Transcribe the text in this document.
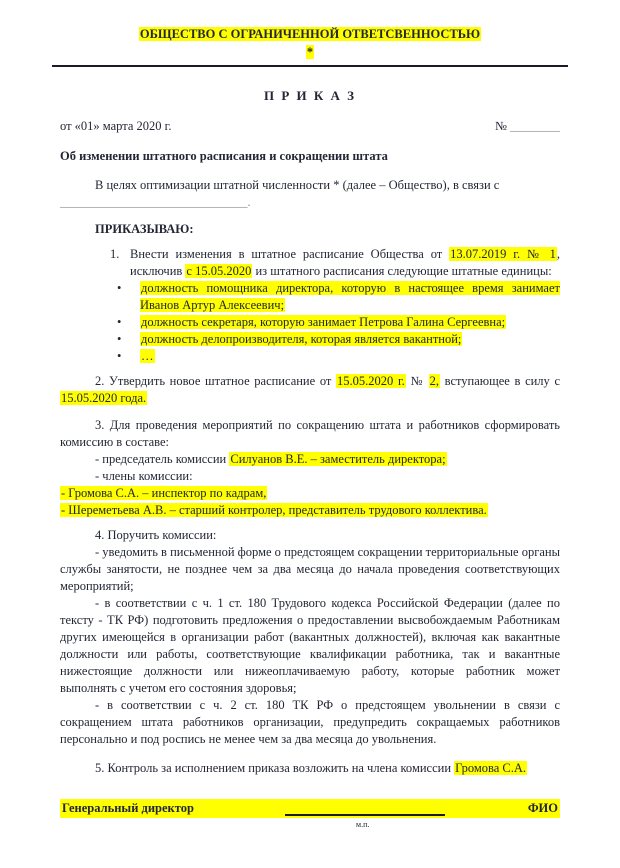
ОБЩЕСТВО С ОГРАНИЧЕННОЙ ОТВЕТСВЕННОСТЬЮ
*
П Р И К А З
от «01» марта 2020 г.	№ ________

Об изменении штатного расписания и сокращении штата

В целях оптимизации штатной численности * (далее – Общество), в связи с

______________________________.

ПРИКАЗЫВАЮ:

1. Внести изменения в штатное расписание Общества от 13.07.2019 г. № 1, исключив с 15.05.2020 из штатного расписания следующие штатные единицы:
• должность помощника директора, которую в настоящее время занимает Иванов Артур Алексеевич;
• должность секретаря, которую занимает Петрова Галина Сергеевна;
• должность делопроизводителя, которая является вакантной;
• …

2. Утвердить новое штатное расписание от 15.05.2020 г. № 2, вступающее в силу с 15.05.2020 года.

3. Для проведения мероприятий по сокращению штата и работников сформировать комиссию в составе:

- председатель комиссии Силуанов В.Е. – заместитель директора;
- члены комиссии:
- Громова С.А. – инспектор по кадрам,
- Шереметьева А.В. – старший контролер, представитель трудового коллектива.

4. Поручить комиссии:

- уведомить в письменной форме о предстоящем сокращении территориальные органы службы занятости, не позднее чем за два месяца до начала проведения соответствующих мероприятий;

- в соответствии с ч. 1 ст. 180 Трудового кодекса Российской Федерации (далее по тексту - ТК РФ) подготовить предложения о предоставлении высвобождаемым Работникам других имеющейся в организации работ (вакантных должностей), включая как вакантные должности или работы, соответствующие квалификации работника, так и вакантные нижестоящие должности или нижеоплачиваемую работу, которые работник может выполнять с учетом его состояния здоровья;

- в соответствии с ч. 2 ст. 180 ТК РФ о предстоящем увольнении в связи с сокращением штата работников организации, предупредить сокращаемых работников персонально и под роспись не менее чем за два месяца до увольнения.

5. Контроль за исполнением приказа возложить на члена комиссии Громова С.А.

Генеральный директор	ФИО
м.п.
